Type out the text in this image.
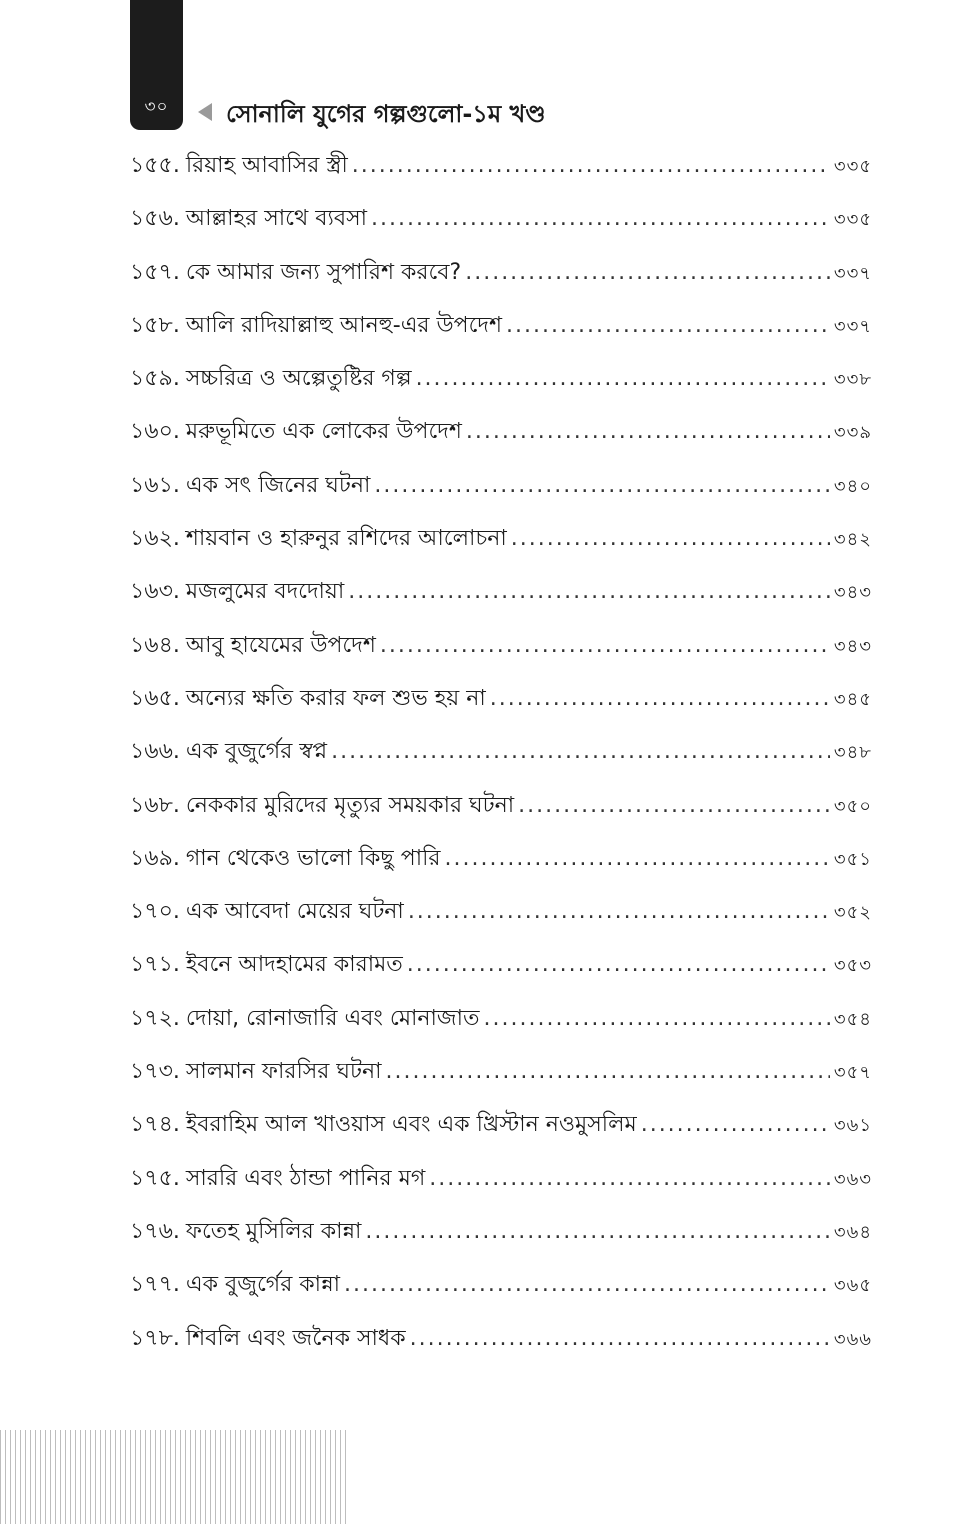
৩০	সোনালি যুগের গল্পগুলো-১ম খণ্ড
১৫৫. রিয়াহ আবাসির স্ত্রী .....	৩৩৫
১৫৬. আল্লাহর সাথে ব্যবসা .....	৩৩৫
১৫৭. কে আমার জন্য সুপারিশ করবে? .....	৩৩৭
১৫৮. আলি রাদিয়াল্লাহু আনহু-এর উপদেশ .....	৩৩৭
১৫৯. সচ্চরিত্র ও অল্পেতুষ্টির গল্প .....	৩৩৮
১৬০. মরুভূমিতে এক লোকের উপদেশ .....	৩৩৯
১৬১. এক সৎ জিনের ঘটনা .....	৩৪০
১৬২. শায়বান ও হারুনুর রশিদের আলোচনা .....	৩৪২
১৬৩. মজলুমের বদদোয়া .....	৩৪৩
১৬৪. আবু হাযেমের উপদেশ .....	৩৪৩
১৬৫. অন্যের ক্ষতি করার ফল শুভ হয় না .....	৩৪৫
১৬৬. এক বুজুর্গের স্বপ্ন .....	৩৪৮
১৬৮. নেককার মুরিদের মৃত্যুর সময়কার ঘটনা .....	৩৫০
১৬৯. গান থেকেও ভালো কিছু পারি .....	৩৫১
১৭০. এক আবেদা মেয়ের ঘটনা .....	৩৫২
১৭১. ইবনে আদহামের কারামত .....	৩৫৩
১৭২. দোয়া, রোনাজারি এবং মোনাজাত .....	৩৫৪
১৭৩. সালমান ফারসির ঘটনা .....	৩৫৭
১৭৪. ইবরাহিম আল খাওয়াস এবং এক খ্রিস্টান নওমুসলিম .....	৩৬১
১৭৫. সাররি এবং ঠান্ডা পানির মগ .....	৩৬৩
১৭৬. ফতেহ মুসিলির কান্না .....	৩৬৪
১৭৭. এক বুজুর্গের কান্না .....	৩৬৫
১৭৮. শিবলি এবং জনৈক সাধক .....	৩৬৬
